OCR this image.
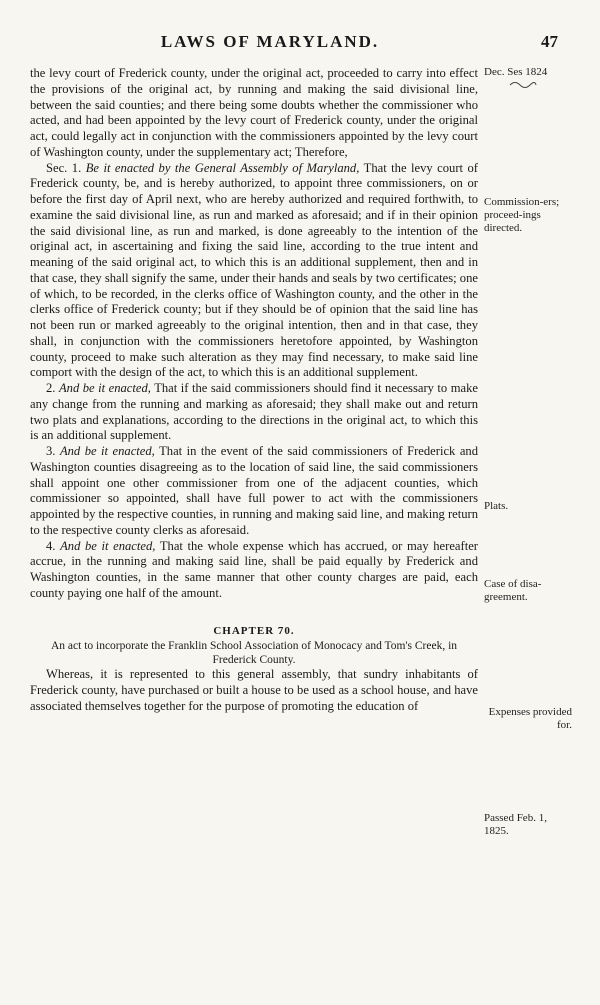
LAWS OF MARYLAND.	47
Dec. Ses 1824
Commission-ers; proceed-ings directed.
Plats.
Case of disa-greement.
Expenses provided for.
Passed Feb. 1, 1825.

the levy court of Frederick county, under the original act, proceeded to carry into effect the provisions of the original act, by running and making the said divisional line, between the said counties; and there being some doubts whether the commissioner who acted, and had been appointed by the levy court of Frederick county, under the original act, could legally act in conjunction with the commissioners appointed by the levy court of Washington county, under the supplementary act; Therefore,

Sec. 1. Be it enacted by the General Assembly of Maryland, That the levy court of Frederick county, be, and is hereby authorized, to appoint three commissioners, on or before the first day of April next, who are hereby authorized and required forthwith, to examine the said divisional line, as run and marked as aforesaid; and if in their opinion the said divisional line, as run and marked, is done agreeably to the intention of the original act, in ascertaining and fixing the said line, according to the true intent and meaning of the said original act, to which this is an additional supplement, then and in that case, they shall signify the same, under their hands and seals by two certificates; one of which, to be recorded, in the clerks office of Washington county, and the other in the clerks office of Frederick county; but if they should be of opinion that the said line has not been run or marked agreeably to the original intention, then and in that case, they shall, in conjunction with the commissioners heretofore appointed, by Washington county, proceed to make such alteration as they may find necessary, to make said line comport with the design of the act, to which this is an additional supplement.

2. And be it enacted, That if the said commissioners should find it necessary to make any change from the running and marking as aforesaid; they shall make out and return two plats and explanations, according to the directions in the original act, to which this is an additional supplement.

3. And be it enacted, That in the event of the said commissioners of Frederick and Washington counties disagreeing as to the location of said line, the said commissioners shall appoint one other commissioner from one of the adjacent counties, which commissioner so appointed, shall have full power to act with the commissioners appointed by the respective counties, in running and making said line, and making return to the respective county clerks as aforesaid.

4. And be it enacted, That the whole expense which has accrued, or may hereafter accrue, in the running and making said line, shall be paid equally by Frederick and Washington counties, in the same manner that other county charges are paid, each county paying one half of the amount.

CHAPTER 70.
An act to incorporate the Franklin School Association of Monocacy and Tom's Creek, in Frederick County.

Whereas, it is represented to this general assembly, that sundry inhabitants of Frederick county, have purchased or built a house to be used as a school house, and have associated themselves together for the purpose of promoting the education of
